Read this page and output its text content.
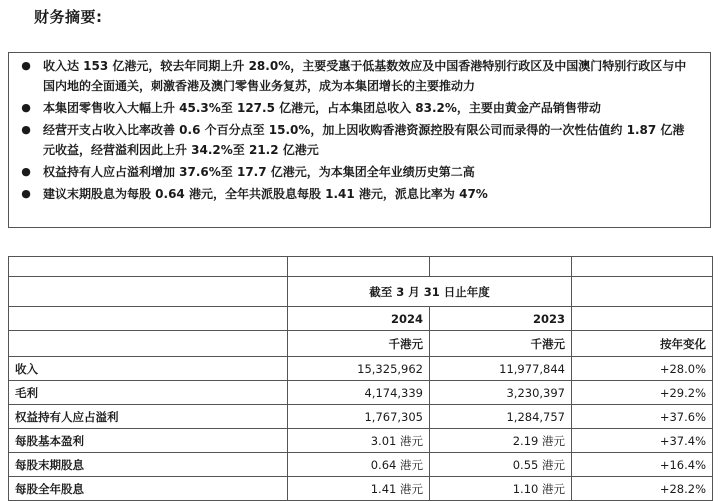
财务摘要:
●	收入达 153 亿港元，较去年同期上升 28.0%，主要受惠于低基数效应及中国香港特别行政区及中国澳门特别行政区与中国内地的全面通关，刺激香港及澳门零售业务复苏，成为本集团增长的主要推动力
●	本集团零售收入大幅上升 45.3%至 127.5 亿港元，占本集团总收入 83.2%，主要由黄金产品销售带动
●	经营开支占收入比率改善 0.6 个百分点至 15.0%，加上因收购香港资源控股有限公司而录得的一次性估值约 1.87 亿港元收益，经营溢利因此上升 34.2%至 21.2 亿港元
●	权益持有人应占溢利增加 37.6%至 17.7 亿港元，为本集团全年业绩历史第二高
●	建议末期股息为每股 0.64 港元，全年共派股息每股 1.41 港元，派息比率为 47%

	截至 3 月 31 日止年度		
	2024	2023	
	千港元	千港元	按年变化
收入	15,325,962	11,977,844	+28.0%
毛利	4,174,339	3,230,397	+29.2%
权益持有人应占溢利	1,767,305	1,284,757	+37.6%
每股基本盈利	3.01 港元	2.19 港元	+37.4%
每股末期股息	0.64 港元	0.55 港元	+16.4%
每股全年股息	1.41 港元	1.10 港元	+28.2%
